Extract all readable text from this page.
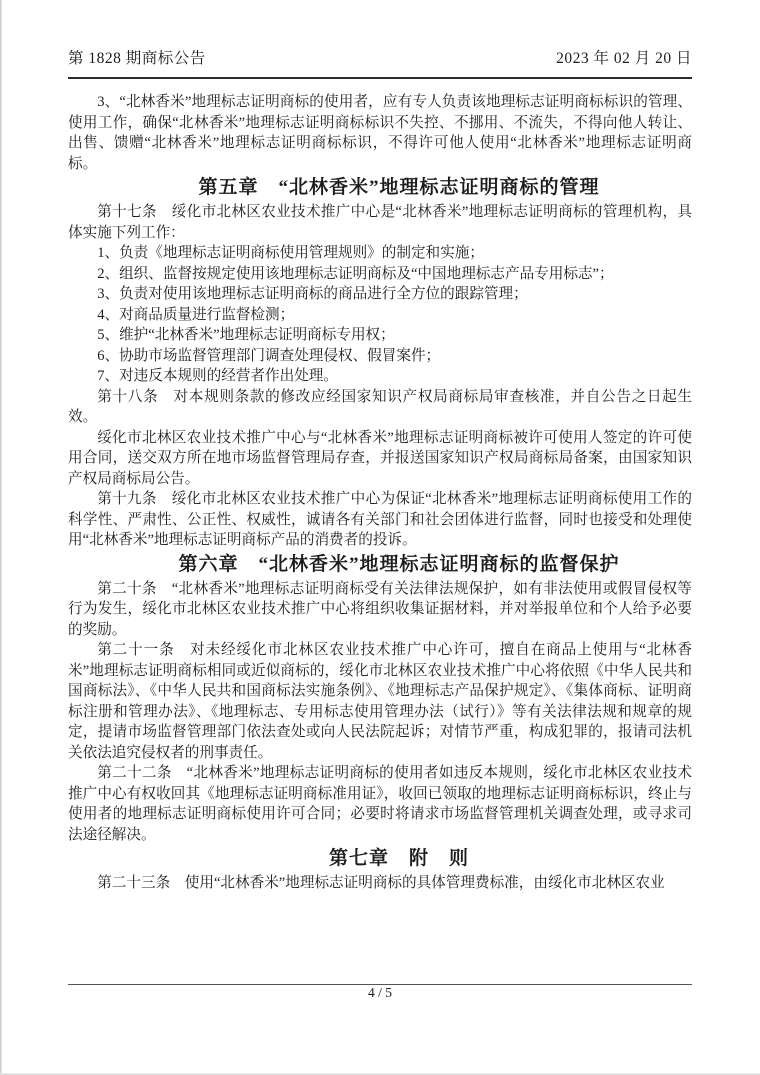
第 1828 期商标公告	2023 年 02 月 20 日

3、“北林香米”地理标志证明商标的使用者，应有专人负责该地理标志证明商标标识的管理、使用工作，确保“北林香米”地理标志证明商标标识不失控、不挪用、不流失，不得向他人转让、出售、馈赠“北林香米”地理标志证明商标标识，不得许可他人使用“北林香米”地理标志证明商标。

第五章　“北林香米”地理标志证明商标的管理

第十七条　绥化市北林区农业技术推广中心是“北林香米”地理标志证明商标的管理机构，具体实施下列工作：

1、负责《地理标志证明商标使用管理规则》的制定和实施；

2、组织、监督按规定使用该地理标志证明商标及“中国地理标志产品专用标志”；

3、负责对使用该地理标志证明商标的商品进行全方位的跟踪管理；

4、对商品质量进行监督检测；

5、维护“北林香米”地理标志证明商标专用权；

6、协助市场监督管理部门调查处理侵权、假冒案件；

7、对违反本规则的经营者作出处理。

第十八条　对本规则条款的修改应经国家知识产权局商标局审查核准，并自公告之日起生效。

绥化市北林区农业技术推广中心与“北林香米”地理标志证明商标被许可使用人签定的许可使用合同，送交双方所在地市场监督管理局存查，并报送国家知识产权局商标局备案，由国家知识产权局商标局公告。

第十九条　绥化市北林区农业技术推广中心为保证“北林香米”地理标志证明商标使用工作的科学性、严肃性、公正性、权威性，诚请各有关部门和社会团体进行监督，同时也接受和处理使用“北林香米”地理标志证明商标产品的消费者的投诉。

第六章　“北林香米”地理标志证明商标的监督保护

第二十条　“北林香米”地理标志证明商标受有关法律法规保护，如有非法使用或假冒侵权等行为发生，绥化市北林区农业技术推广中心将组织收集证据材料，并对举报单位和个人给予必要的奖励。

第二十一条　对未经绥化市北林区农业技术推广中心许可，擅自在商品上使用与“北林香米”地理标志证明商标相同或近似商标的，绥化市北林区农业技术推广中心将依照《中华人民共和国商标法》、《中华人民共和国商标法实施条例》、《地理标志产品保护规定》、《集体商标、证明商标注册和管理办法》、《地理标志、专用标志使用管理办法（试行）》等有关法律法规和规章的规定，提请市场监督管理部门依法查处或向人民法院起诉；对情节严重，构成犯罪的，报请司法机关依法追究侵权者的刑事责任。

第二十二条　“北林香米”地理标志证明商标的使用者如违反本规则，绥化市北林区农业技术推广中心有权收回其《地理标志证明商标准用证》，收回已领取的地理标志证明商标标识，终止与使用者的地理标志证明商标使用许可合同；必要时将请求市场监督管理机关调查处理，或寻求司法途径解决。

第七章　附　则

第二十三条　使用“北林香米”地理标志证明商标的具体管理费标准，由绥化市北林区农业

4 / 5
